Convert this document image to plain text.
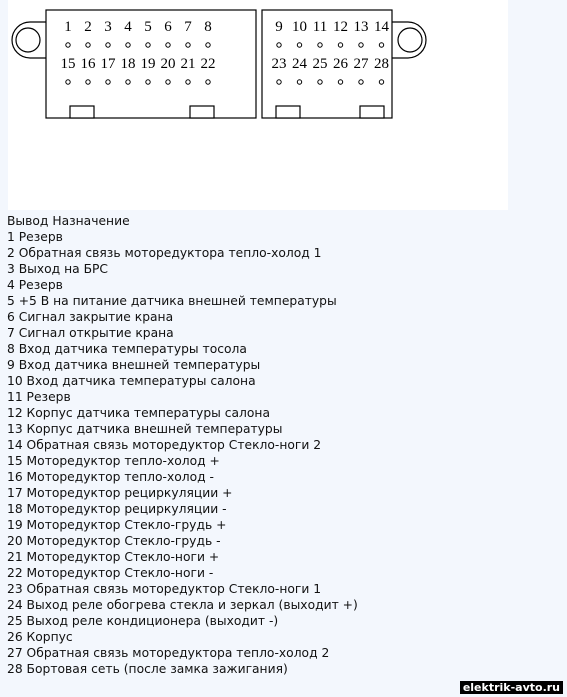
1 2 3 4 5 6 7 8
15 16 17 18 19 20 21 22
9 10 11 12 13 14
23 24 25 26 27 28
Вывод Назначение
1 Резерв
2 Обратная связь моторедуктора тепло-холод 1
3 Выход на БРС
4 Резерв
5 +5 В на питание датчика внешней температуры
6 Сигнал закрытие крана
7 Сигнал открытие крана
8 Вход датчика температуры тосола
9 Вход датчика внешней температуры
10 Вход датчика температуры салона
11 Резерв
12 Корпус датчика температуры салона
13 Корпус датчика внешней температуры
14 Обратная связь моторедуктор Стекло-ноги 2
15 Моторедуктор тепло-холод +
16 Моторедуктор тепло-холод -
17 Моторедуктор рециркуляции +
18 Моторедуктор рециркуляции -
19 Моторедуктор Стекло-грудь +
20 Моторедуктор Стекло-грудь -
21 Моторедуктор Стекло-ноги +
22 Моторедуктор Стекло-ноги -
23 Обратная связь моторедуктор Стекло-ноги 1
24 Выход реле обогрева стекла и зеркал (выходит +)
25 Выход реле кондиционера (выходит -)
26 Корпус
27 Обратная связь моторедуктора тепло-холод 2
28 Бортовая сеть (после замка зажигания)
elektrik-avto.ru
